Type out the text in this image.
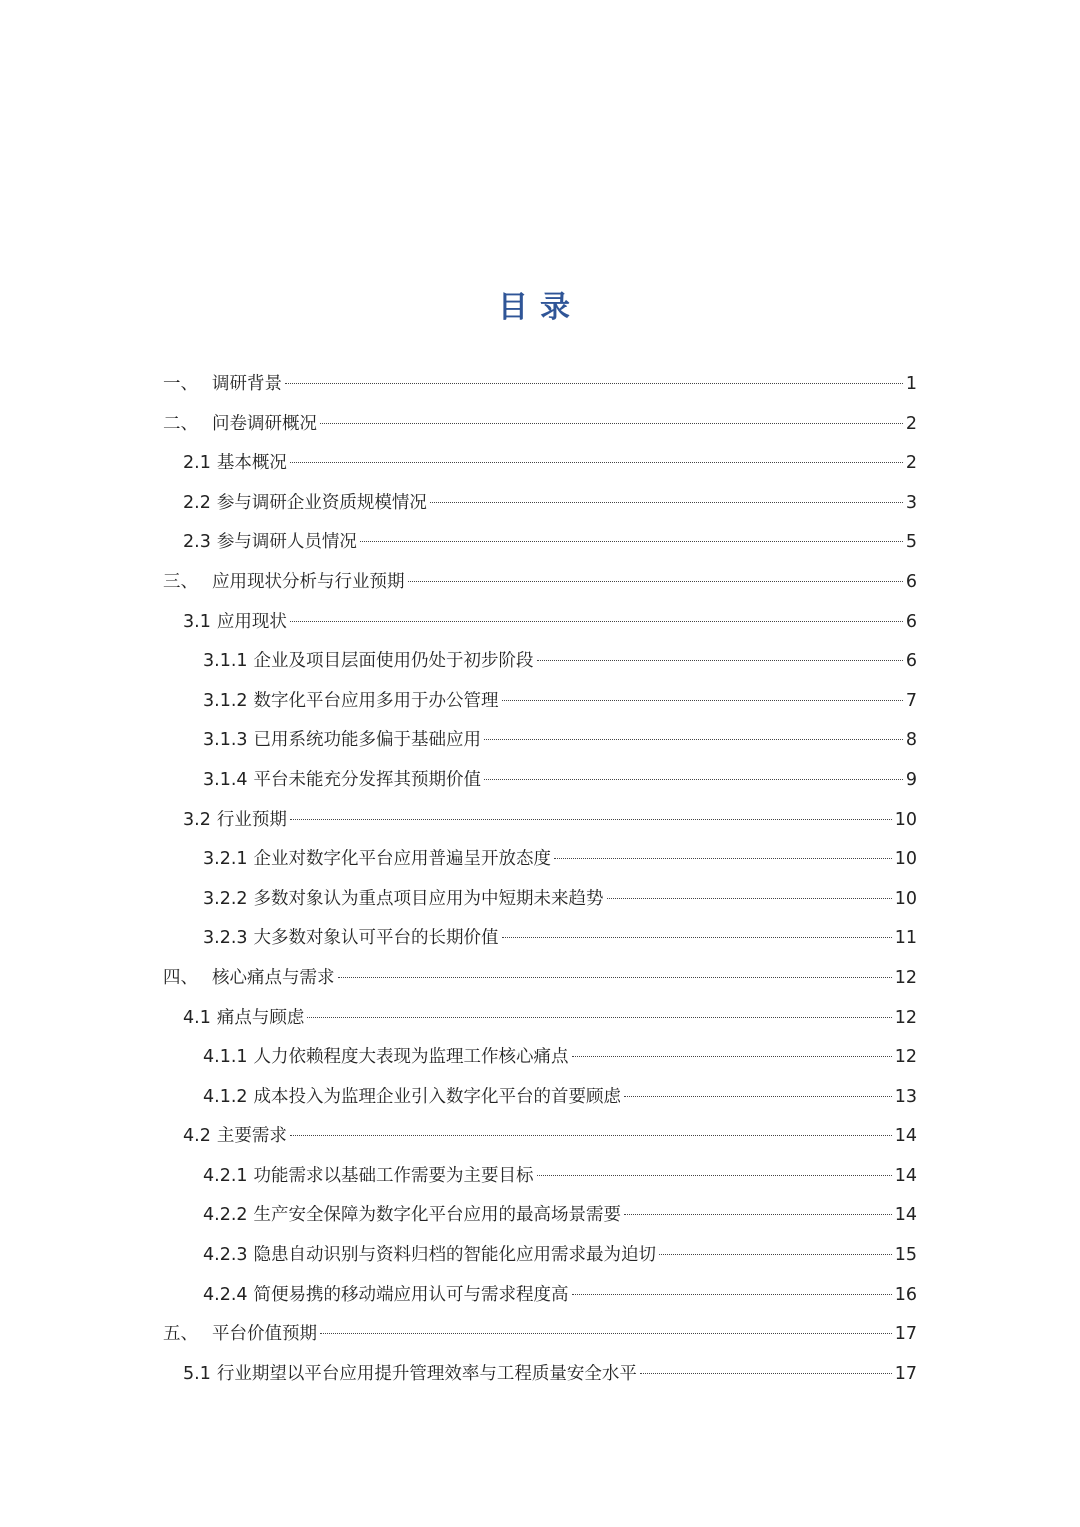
目录
一、 调研背景	1
二、 问卷调研概况	2
2.1 基本概况	2
2.2 参与调研企业资质规模情况	3
2.3 参与调研人员情况	5
三、 应用现状分析与行业预期	6
3.1 应用现状	6
3.1.1 企业及项目层面使用仍处于初步阶段	6
3.1.2 数字化平台应用多用于办公管理	7
3.1.3 已用系统功能多偏于基础应用	8
3.1.4 平台未能充分发挥其预期价值	9
3.2 行业预期	10
3.2.1 企业对数字化平台应用普遍呈开放态度	10
3.2.2 多数对象认为重点项目应用为中短期未来趋势	10
3.2.3 大多数对象认可平台的长期价值	11
四、 核心痛点与需求	12
4.1 痛点与顾虑	12
4.1.1 人力依赖程度大表现为监理工作核心痛点	12
4.1.2 成本投入为监理企业引入数字化平台的首要顾虑	13
4.2 主要需求	14
4.2.1 功能需求以基础工作需要为主要目标	14
4.2.2 生产安全保障为数字化平台应用的最高场景需要	14
4.2.3 隐患自动识别与资料归档的智能化应用需求最为迫切	15
4.2.4 简便易携的移动端应用认可与需求程度高	16
五、 平台价值预期	17
5.1 行业期望以平台应用提升管理效率与工程质量安全水平	17
